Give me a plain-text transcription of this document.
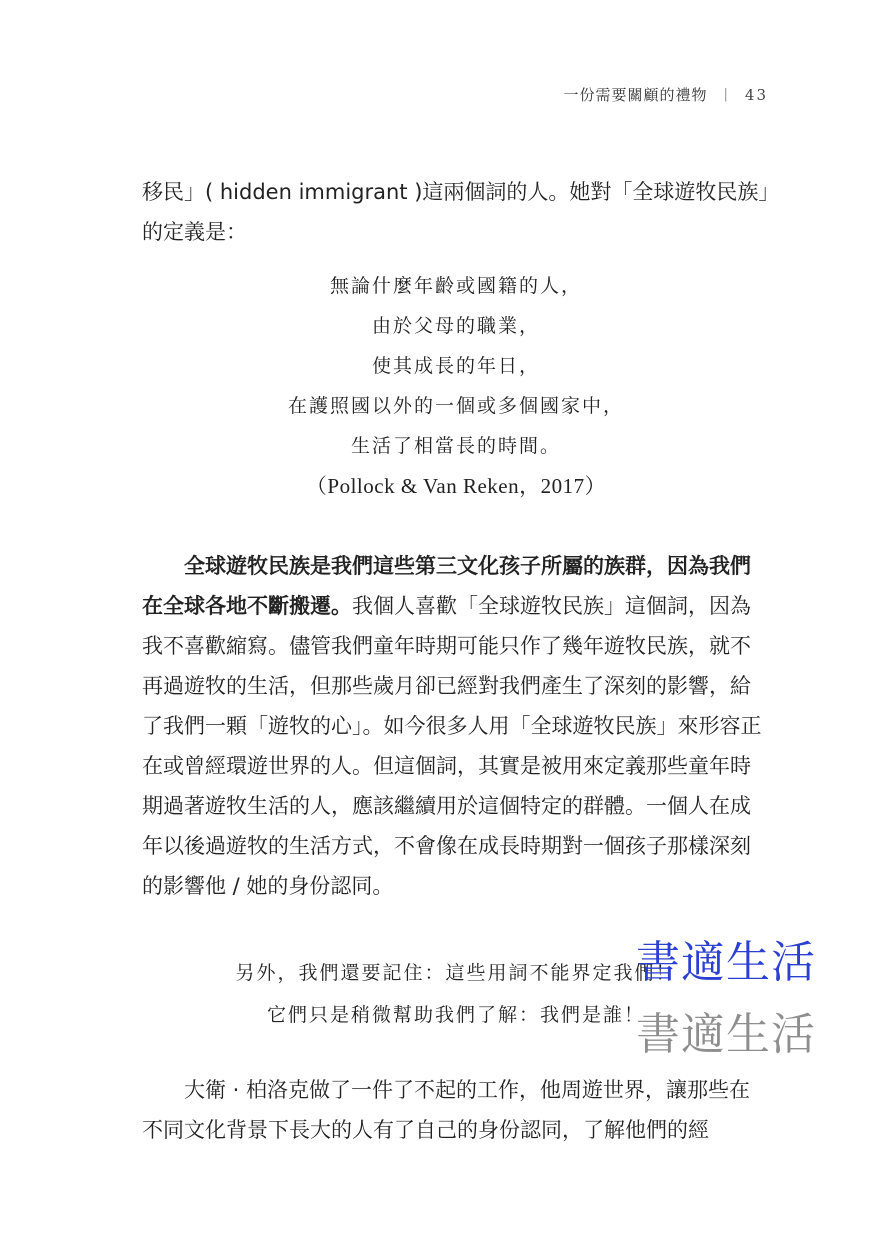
一份需要關顧的禮物 | 43
移民」( hidden immigrant )這兩個詞的人。她對「全球遊牧民族」的定義是：
無論什麼年齡或國籍的人，
由於父母的職業，
使其成長的年日，
在護照國以外的一個或多個國家中，
生活了相當長的時間。
（Pollock & Van Reken，2017）
全球遊牧民族是我們這些第三文化孩子所屬的族群，因為我們在全球各地不斷搬遷。我個人喜歡「全球遊牧民族」這個詞，因為我不喜歡縮寫。儘管我們童年時期可能只作了幾年遊牧民族，就不再過遊牧的生活，但那些歲月卻已經對我們產生了深刻的影響，給了我們一顆「遊牧的心」。如今很多人用「全球遊牧民族」來形容正在或曾經環遊世界的人。但這個詞，其實是被用來定義那些童年時期過著遊牧生活的人，應該繼續用於這個特定的群體。一個人在成年以後過遊牧的生活方式，不會像在成長時期對一個孩子那樣深刻的影響他 / 她的身份認同。
另外，我們還要記住：這些用詞不能界定我們！
它們只是稍微幫助我們了解：我們是誰！
書適生活
書適生活
大衛 · 柏洛克做了一件了不起的工作，他周遊世界，讓那些在不同文化背景下長大的人有了自己的身份認同，了解他們的經
